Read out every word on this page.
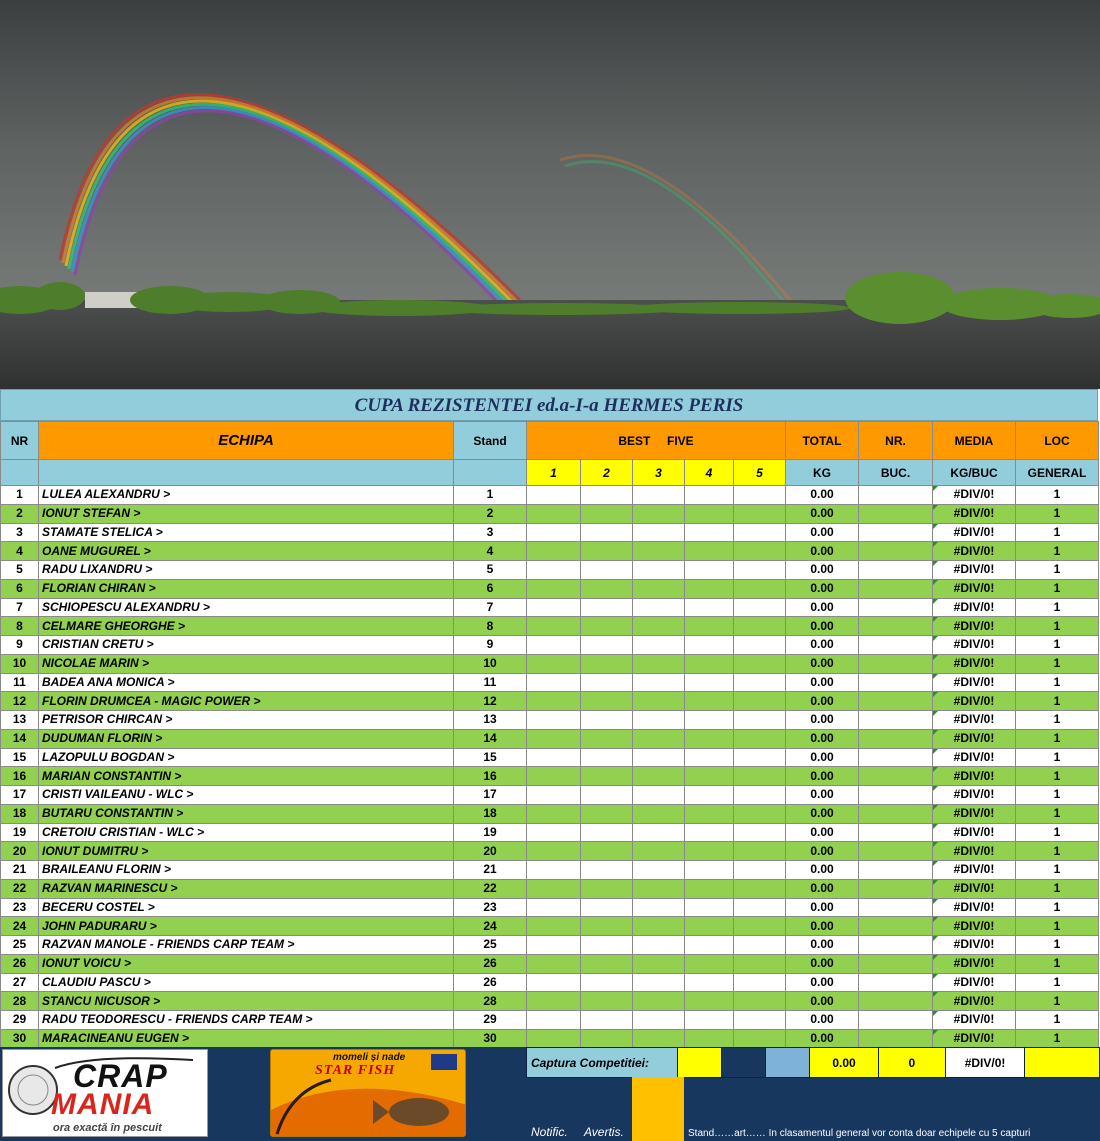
CUPA REZISTENTEI ed.a-I-a HERMES PERIS
NR	ECHIPA	Stand	BEST     FIVE					TOTAL	NR.	MEDIA	LOC
			1	2	3	4	5	KG	BUC.	KG/BUC	GENERAL
1	LULEA ALEXANDRU >	1						0.00		#DIV/0!	1
2	IONUT STEFAN >	2						0.00		#DIV/0!	1
3	STAMATE STELICA >	3						0.00		#DIV/0!	1
4	OANE MUGUREL >	4						0.00		#DIV/0!	1
5	RADU LIXANDRU >	5						0.00		#DIV/0!	1
6	FLORIAN CHIRAN >	6						0.00		#DIV/0!	1
7	SCHIOPESCU ALEXANDRU >	7						0.00		#DIV/0!	1
8	CELMARE GHEORGHE >	8						0.00		#DIV/0!	1
9	CRISTIAN CRETU >	9						0.00		#DIV/0!	1
10	NICOLAE MARIN >	10						0.00		#DIV/0!	1
11	BADEA ANA MONICA >	11						0.00		#DIV/0!	1
12	FLORIN DRUMCEA - MAGIC POWER >	12						0.00		#DIV/0!	1
13	PETRISOR CHIRCAN >	13						0.00		#DIV/0!	1
14	DUDUMAN FLORIN >	14						0.00		#DIV/0!	1
15	LAZOPULU BOGDAN >	15						0.00		#DIV/0!	1
16	MARIAN CONSTANTIN >	16						0.00		#DIV/0!	1
17	CRISTI VAILEANU - WLC >	17						0.00		#DIV/0!	1
18	BUTARU CONSTANTIN >	18						0.00		#DIV/0!	1
19	CRETOIU CRISTIAN - WLC >	19						0.00		#DIV/0!	1
20	IONUT DUMITRU >	20						0.00		#DIV/0!	1
21	BRAILEANU FLORIN >	21						0.00		#DIV/0!	1
22	RAZVAN MARINESCU >	22						0.00		#DIV/0!	1
23	BECERU COSTEL >	23						0.00		#DIV/0!	1
24	JOHN PADURARU >	24						0.00		#DIV/0!	1
25	RAZVAN MANOLE - FRIENDS CARP TEAM >	25						0.00		#DIV/0!	1
26	IONUT VOICU >	26						0.00		#DIV/0!	1
27	CLAUDIU PASCU >	26						0.00		#DIV/0!	1
28	STANCU NICUSOR >	28						0.00		#DIV/0!	1
29	RADU TEODORESCU - FRIENDS CARP TEAM >	29						0.00		#DIV/0!	1
30	MARACINEANU EUGEN >	30						0.00		#DIV/0!	1
CRAP
MANIA
ora exactă în pescuit
momeli și nade
STAR FISH
Captura Competitiei:				0.00	0	#DIV/0!	
Notific. Avertis.	Stand……art…… In clasamentul general vor conta doar echipele cu 5 capturi
